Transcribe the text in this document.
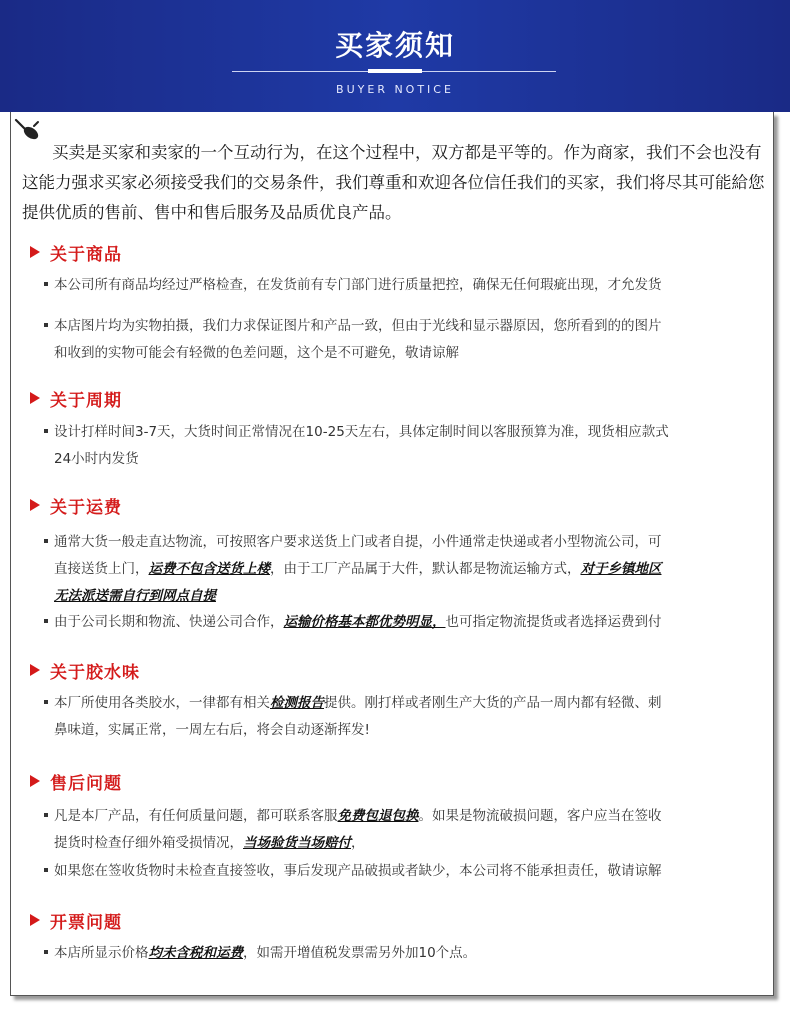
买家须知
BUYER NOTICE
买卖是买家和卖家的一个互动行为，在这个过程中，双方都是平等的。作为商家，我们不会也没有这能力强求买家必须接受我们的交易条件，我们尊重和欢迎各位信任我们的买家，我们将尽其可能給您提供优质的售前、售中和售后服务及品质优良产品。
关于商品
本公司所有商品均经过严格检查，在发货前有专门部门进行质量把控，确保无任何瑕疵出现，才允发货
本店图片均为实物拍摄，我们力求保证图片和产品一致，但由于光线和显示器原因，您所看到的的图片
和收到的实物可能会有轻微的色差问题，这个是不可避免，敬请谅解
关于周期
设计打样时间3-7天，大货时间正常情况在10-25天左右，具体定制时间以客服预算为准，现货相应款式
24小时内发货
关于运费
通常大货一般走直达物流，可按照客户要求送货上门或者自提，小件通常走快递或者小型物流公司，可
直接送货上门，运费不包含送货上楼，由于工厂产品属于大件，默认都是物流运输方式，对于乡镇地区
无法派送需自行到网点自提
由于公司长期和物流、快递公司合作，运输价格基本都优势明显，也可指定物流提货或者选择运费到付
关于胶水味
本厂所使用各类胶水，一律都有相关检测报告提供。刚打样或者刚生产大货的产品一周内都有轻微、刺
鼻味道，实属正常，一周左右后，将会自动逐渐挥发!
售后问题
凡是本厂产品，有任何质量问题，都可联系客服免费包退包换。如果是物流破损问题，客户应当在签收
提货时检查仔细外箱受损情况，当场验货当场赔付，
如果您在签收货物时未检查直接签收，事后发现产品破损或者缺少，本公司将不能承担责任，敬请谅解
开票问题
本店所显示价格均未含税和运费，如需开增值税发票需另外加10个点。
